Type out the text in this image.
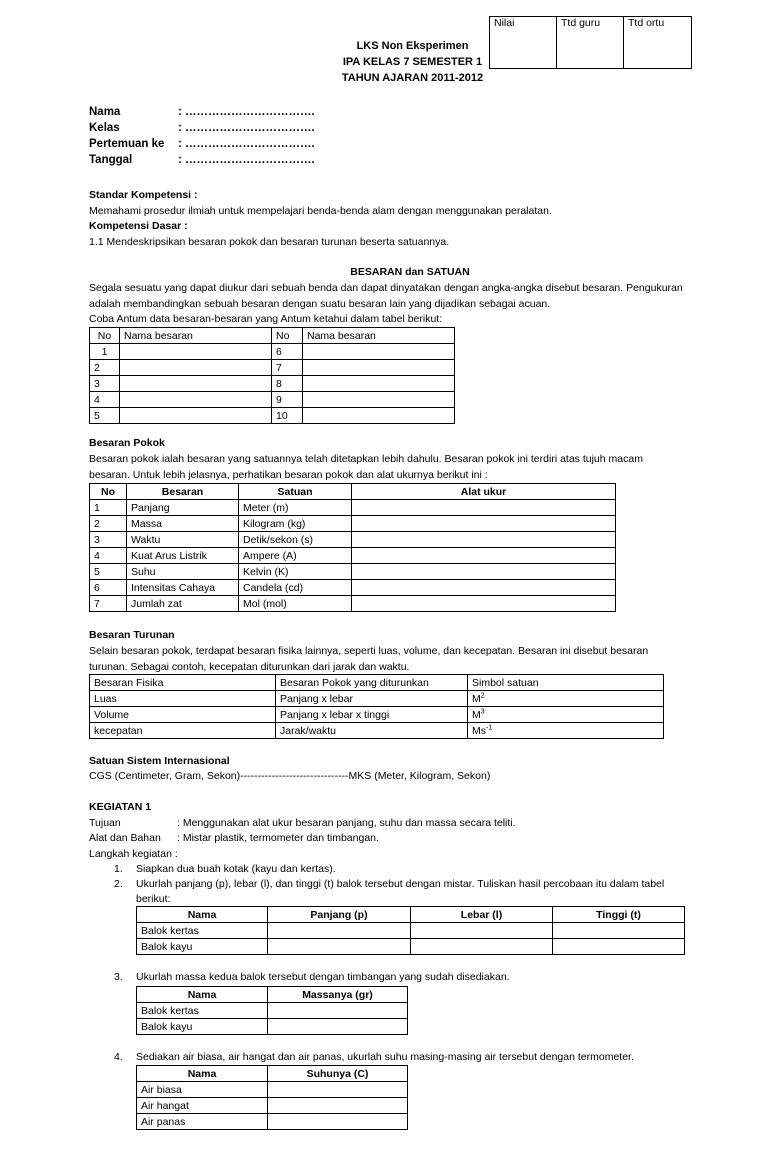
Nilai	Ttd guru	Ttd ortu
LKS Non Eksperimen
IPA KELAS 7 SEMESTER 1
TAHUN AJARAN 2011-2012
Nama	: …………………………….
Kelas	: …………………………….
Pertemuan ke : …………………………….
Tanggal	: …………………………….
Standar Kompetensi :
Memahami prosedur ilmiah untuk mempelajari benda-benda alam dengan menggunakan peralatan.
Kompetensi Dasar :
1.1 Mendeskripsikan besaran pokok dan besaran turunan beserta satuannya.
BESARAN dan SATUAN
Segala sesuatu yang dapat diukur dari sebuah benda dan dapat dinyatakan dengan angka-angka disebut besaran. Pengukuran
adalah membandingkan sebuah besaran dengan suatu besaran lain yang dijadikan sebagai acuan.
Coba Antum data besaran-besaran yang Antum ketahui dalam tabel berikut:
No	Nama besaran	No	Nama besaran
1		6	
2		7	
3		8	
4		9	
5		10	
Besaran Pokok
Besaran pokok ialah besaran yang satuannya telah ditetapkan lebih dahulu. Besaran pokok ini terdiri atas tujuh macam
besaran. Untuk lebih jelasnya, perhatikan besaran pokok dan alat ukurnya berikut ini :
No	Besaran	Satuan	Alat ukur
1	Panjang	Meter (m)	
2	Massa	Kilogram (kg)	
3	Waktu	Detik/sekon (s)	
4	Kuat Arus Listrik	Ampere (A)	
5	Suhu	Kelvin (K)	
6	Intensitas Cahaya	Candela (cd)	
7	Jumlah zat	Mol (mol)	
Besaran Turunan
Selain besaran pokok, terdapat besaran fisika lainnya, seperti luas, volume, dan kecepatan. Besaran ini disebut besaran
turunan. Sebagai contoh, kecepatan diturunkan dari jarak dan waktu.
Besaran Fisika	Besaran Pokok yang diturunkan	Simbol satuan
Luas	Panjang x lebar	$M^2$
Volume	Panjang x lebar x tinggi	$M^3$
kecepatan	Jarak/waktu	$Ms^{-1}$
Satuan Sistem Internasional
CGS (Centimeter, Gram, Sekon)-------------------------------MKS (Meter, Kilogram, Sekon)
KEGIATAN 1
Tujuan	: Menggunakan alat ukur besaran panjang, suhu dan massa secara teliti.
Alat dan Bahan : Mistar plastik, termometer dan timbangan.
Langkah kegiatan :
1. Siapkan dua buah kotak (kayu dan kertas).
2. Ukurlah panjang (p), lebar (l), dan tinggi (t) balok tersebut dengan mistar. Tuliskan hasil percobaan itu dalam tabel
berikut:
Nama	Panjang (p)	Lebar (l)	Tinggi (t)
Balok kertas			
Balok kayu			
3. Ukurlah massa kedua balok tersebut dengan timbangan yang sudah disediakan.
Nama	Massanya (gr)
Balok kertas	
Balok kayu	
4. Sediakan air biasa, air hangat dan air panas, ukurlah suhu masing-masing air tersebut dengan termometer.
Nama	Suhunya (C)
Air biasa	
Air hangat	
Air panas	
